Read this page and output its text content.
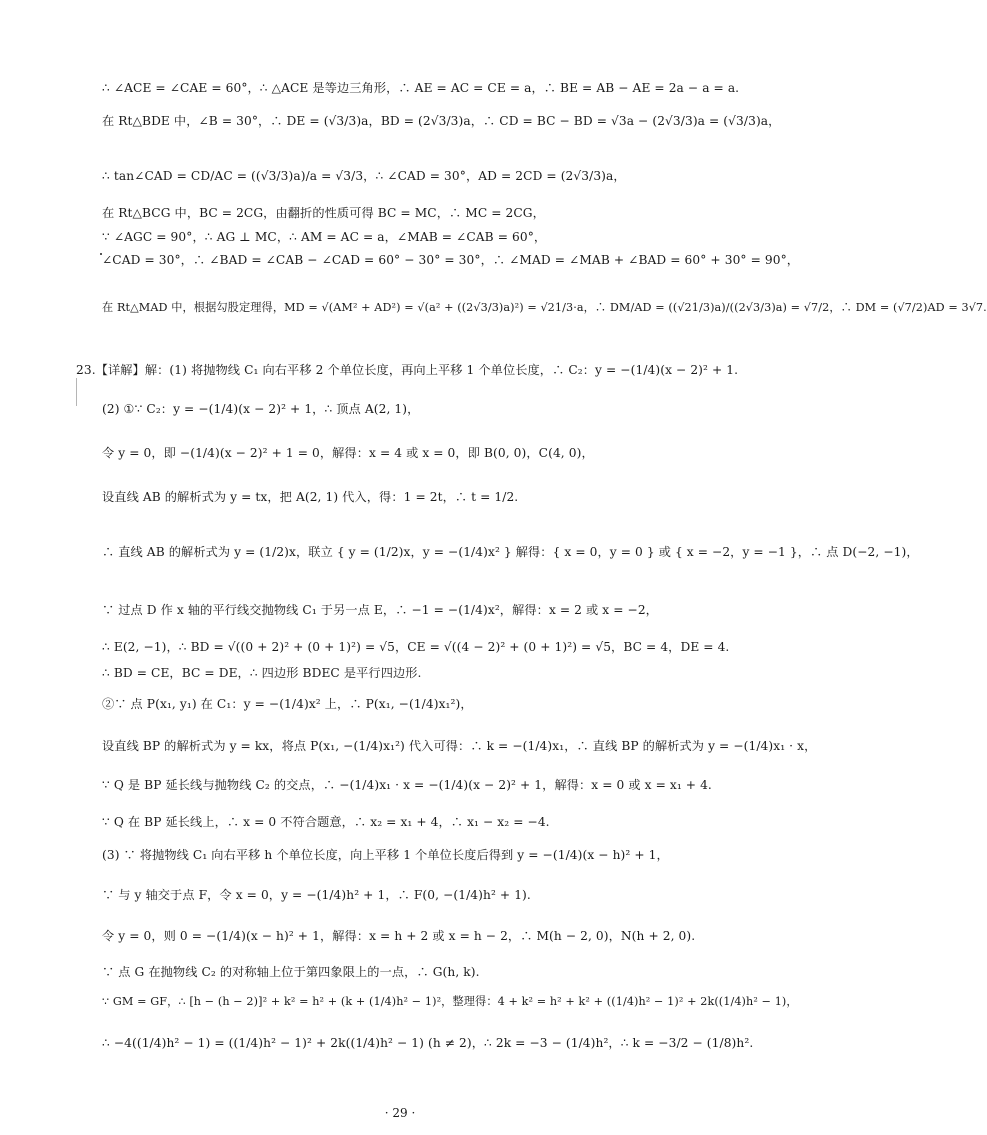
∴ ∠ACE = ∠CAE = 60°，∴ △ACE 是等边三角形，∴ AE = AC = CE = a，∴ BE = AB − AE = 2a − a = a.
在 Rt△BDE 中，∠B = 30°，∴ DE = (√3/3)a，BD = (2√3/3)a，∴ CD = BC − BD = √3a − (2√3/3)a = (√3/3)a，
∴ tan∠CAD = CD/AC = ((√3/3)a)/a = √3/3，∴ ∠CAD = 30°，AD = 2CD = (2√3/3)a，
在 Rt△BCG 中，BC = 2CG，由翻折的性质可得 BC = MC，∴ MC = 2CG，
∵ ∠AGC = 90°，∴ AG ⊥ MC，∴ AM = AC = a，∠MAB = ∠CAB = 60°，
∠CAD = 30°，∴ ∠BAD = ∠CAB − ∠CAD = 60° − 30° = 30°，∴ ∠MAD = ∠MAB + ∠BAD = 60° + 30° = 90°，
在 Rt△MAD 中，根据勾股定理得，MD = √(AM² + AD²) = √(a² + ((2√3/3)a)²) = √21/3·a，∴ DM/AD = ((√21/3)a)/((2√3/3)a) = √7/2，∴ DM = (√7/2)AD = 3√7.
23.【详解】解：(1) 将抛物线 C₁ 向右平移 2 个单位长度，再向上平移 1 个单位长度，∴ C₂：y = −(1/4)(x − 2)² + 1.
(2) ①∵ C₂：y = −(1/4)(x − 2)² + 1，∴ 顶点 A(2, 1)，
令 y = 0，即 −(1/4)(x − 2)² + 1 = 0，解得：x = 4 或 x = 0，即 B(0, 0)，C(4, 0)，
设直线 AB 的解析式为 y = tx，把 A(2, 1) 代入，得：1 = 2t，∴ t = 1/2.
∴ 直线 AB 的解析式为 y = (1/2)x，联立 { y = (1/2)x，y = −(1/4)x² } 解得：{ x = 0，y = 0 } 或 { x = −2，y = −1 }，∴ 点 D(−2, −1)，
∵ 过点 D 作 x 轴的平行线交抛物线 C₁ 于另一点 E，∴ −1 = −(1/4)x²，解得：x = 2 或 x = −2，
∴ E(2, −1)，∴ BD = √((0 + 2)² + (0 + 1)²) = √5，CE = √((4 − 2)² + (0 + 1)²) = √5，BC = 4，DE = 4.
∴ BD = CE，BC = DE，∴ 四边形 BDEC 是平行四边形.
②∵ 点 P(x₁, y₁) 在 C₁：y = −(1/4)x² 上，∴ P(x₁, −(1/4)x₁²)，
设直线 BP 的解析式为 y = kx，将点 P(x₁, −(1/4)x₁²) 代入可得：∴ k = −(1/4)x₁，∴ 直线 BP 的解析式为 y = −(1/4)x₁ · x，
∵ Q 是 BP 延长线与抛物线 C₂ 的交点，∴ −(1/4)x₁ · x = −(1/4)(x − 2)² + 1，解得：x = 0 或 x = x₁ + 4.
∵ Q 在 BP 延长线上，∴ x = 0 不符合题意，∴ x₂ = x₁ + 4，∴ x₁ − x₂ = −4.
(3) ∵ 将抛物线 C₁ 向右平移 h 个单位长度，向上平移 1 个单位长度后得到 y = −(1/4)(x − h)² + 1，
∵ 与 y 轴交于点 F，令 x = 0，y = −(1/4)h² + 1，∴ F(0, −(1/4)h² + 1).
令 y = 0，则 0 = −(1/4)(x − h)² + 1，解得：x = h + 2 或 x = h − 2，∴ M(h − 2, 0)，N(h + 2, 0).
∵ 点 G 在抛物线 C₂ 的对称轴上位于第四象限上的一点，∴ G(h, k).
∵ GM = GF，∴ [h − (h − 2)]² + k² = h² + (k + (1/4)h² − 1)²，整理得：4 + k² = h² + k² + ((1/4)h² − 1)² + 2k((1/4)h² − 1)，
∴ −4((1/4)h² − 1) = ((1/4)h² − 1)² + 2k((1/4)h² − 1) (h ≠ 2)，∴ 2k = −3 − (1/4)h²，∴ k = −3/2 − (1/8)h².
· 29 ·
